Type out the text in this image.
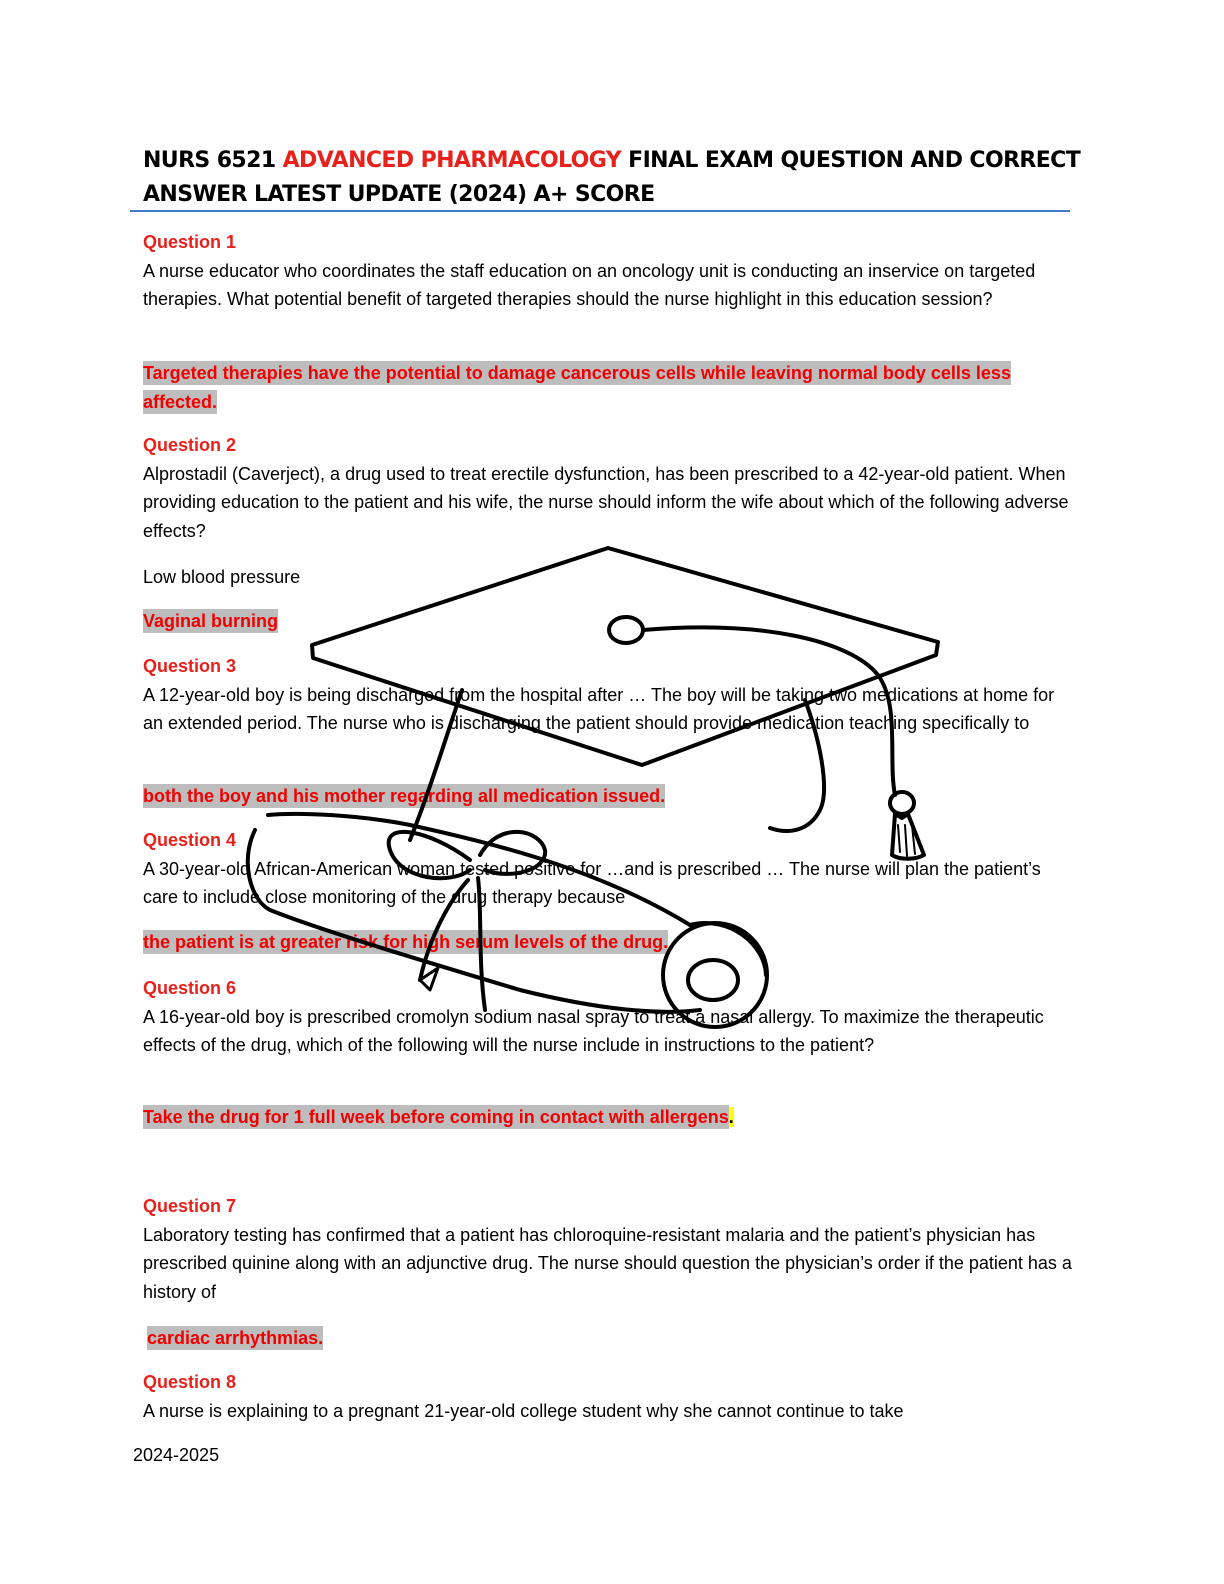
NURS 6521 ADVANCED PHARMACOLOGY FINAL EXAM QUESTION AND CORRECT ANSWER LATEST UPDATE (2024) A+ SCORE
Question 1
A nurse educator who coordinates the staff education on an oncology unit is conducting an inservice on targeted therapies. What potential benefit of targeted therapies should the nurse highlight in this education session?
Targeted therapies have the potential to damage cancerous cells while leaving normal body cells less affected.
Question 2
Alprostadil (Caverject), a drug used to treat erectile dysfunction, has been prescribed to a 42-year-old patient. When providing education to the patient and his wife, the nurse should inform the wife about which of the following adverse effects?
Low blood pressure
Vaginal burning
Question 3
A 12-year-old boy is being discharged from the hospital after … The boy will be taking two medications at home for an extended period. The nurse who is discharging the patient should provide medication teaching specifically to
both the boy and his mother regarding all medication issued.
Question 4
A 30-year-old African-American woman tested positive for …and is prescribed … The nurse will plan the patient’s care to include close monitoring of the drug therapy because
the patient is at greater risk for high serum levels of the drug.
Question 6
A 16-year-old boy is prescribed cromolyn sodium nasal spray to treat a nasal allergy. To maximize the therapeutic effects of the drug, which of the following will the nurse include in instructions to the patient?
Take the drug for 1 full week before coming in contact with allergens.
Question 7
Laboratory testing has confirmed that a patient has chloroquine-resistant malaria and the patient’s physician has prescribed quinine along with an adjunctive drug. The nurse should question the physician’s order if the patient has a history of
cardiac arrhythmias.
Question 8
A nurse is explaining to a pregnant 21-year-old college student why she cannot continue to take
2024-2025
